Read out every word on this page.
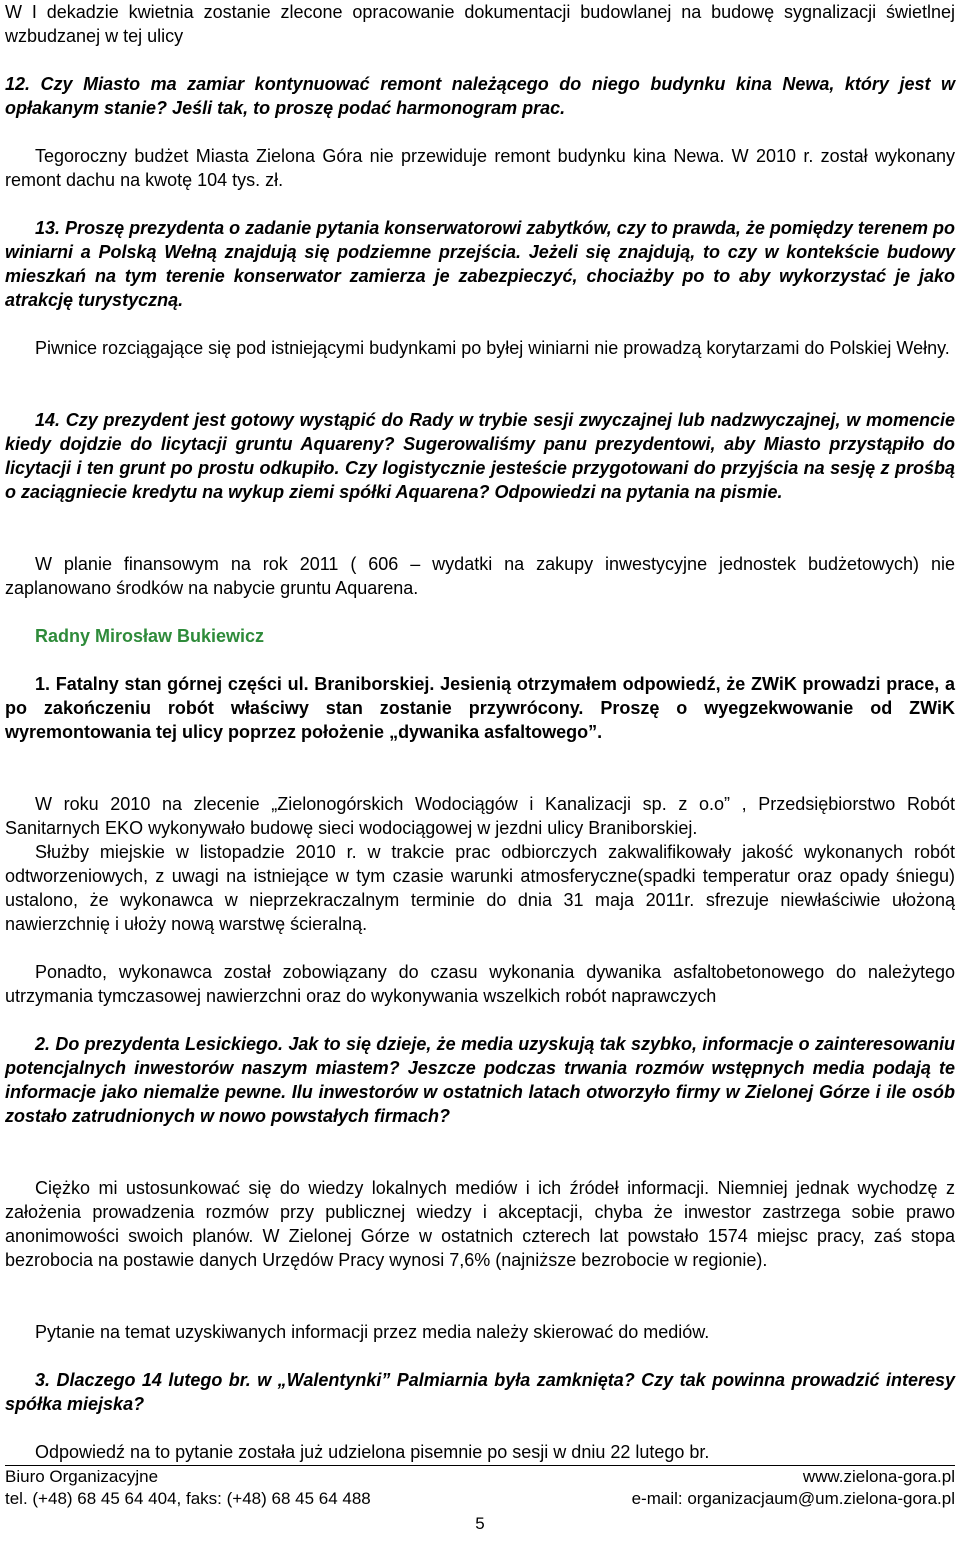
W I dekadzie kwietnia zostanie zlecone opracowanie dokumentacji budowlanej na budowę sygnalizacji świetlnej wzbudzanej w tej ulicy

12. Czy Miasto ma zamiar kontynuować remont należącego do niego budynku kina Newa, który jest w opłakanym stanie? Jeśli tak, to proszę podać harmonogram prac.

Tegoroczny budżet Miasta Zielona Góra nie przewiduje remont budynku kina Newa. W 2010 r. został wykonany remont dachu na kwotę 104 tys. zł.

13. Proszę prezydenta o zadanie pytania konserwatorowi zabytków, czy to prawda, że pomiędzy terenem po winiarni a Polską Wełną znajdują się podziemne przejścia. Jeżeli się znajdują, to czy w kontekście budowy mieszkań na tym terenie konserwator zamierza je zabezpieczyć, chociażby po to aby wykorzystać je jako atrakcję turystyczną.

Piwnice rozciągające się pod istniejącymi budynkami po byłej winiarni nie prowadzą korytarzami do Polskiej Wełny.

14. Czy prezydent jest gotowy wystąpić do Rady w trybie sesji zwyczajnej lub nadzwyczajnej, w momencie kiedy dojdzie do licytacji gruntu Aquareny? Sugerowaliśmy panu prezydentowi, aby Miasto przystąpiło do licytacji i ten grunt po prostu odkupiło. Czy logistycznie jesteście przygotowani do przyjścia na sesję z prośbą o zaciągniecie kredytu na wykup ziemi spółki Aquarena? Odpowiedzi na pytania na pismie.

W planie finansowym na rok 2011 ( 606 – wydatki na zakupy inwestycyjne jednostek budżetowych) nie zaplanowano środków na nabycie gruntu Aquarena.

Radny Mirosław Bukiewicz

1. Fatalny stan górnej części ul. Braniborskiej. Jesienią otrzymałem odpowiedź, że ZWiK prowadzi prace, a po zakończeniu robót właściwy stan zostanie przywrócony. Proszę o wyegzekwowanie od ZWiK wyremontowania tej ulicy poprzez położenie „dywanika asfaltowego”.

W roku 2010 na zlecenie „Zielonogórskich Wodociągów i Kanalizacji sp. z o.o” , Przedsiębiorstwo Robót Sanitarnych EKO wykonywało budowę sieci wodociągowej w jezdni ulicy Braniborskiej.

Służby miejskie w listopadzie 2010 r. w trakcie prac odbiorczych zakwalifikowały jakość wykonanych robót odtworzeniowych, z uwagi na istniejące w tym czasie warunki atmosferyczne(spadki temperatur oraz opady śniegu) ustalono, że wykonawca w nieprzekraczalnym terminie do dnia 31 maja 2011r. sfrezuje niewłaściwie ułożoną nawierzchnię i ułoży nową warstwę ścieralną.

Ponadto, wykonawca został zobowiązany do czasu wykonania dywanika asfaltobetonowego do należytego utrzymania tymczasowej nawierzchni oraz do wykonywania wszelkich robót naprawczych

2. Do prezydenta Lesickiego. Jak to się dzieje, że media uzyskują tak szybko, informacje o zainteresowaniu potencjalnych inwestorów naszym miastem? Jeszcze podczas trwania rozmów wstępnych media podają te informacje jako niemalże pewne. Ilu inwestorów w ostatnich latach otworzyło firmy w Zielonej Górze i ile osób zostało zatrudnionych w nowo powstałych firmach?

Ciężko mi ustosunkować się do wiedzy lokalnych mediów i ich źródeł informacji. Niemniej jednak wychodzę z założenia prowadzenia rozmów przy publicznej wiedzy i akceptacji, chyba że inwestor zastrzega sobie prawo anonimowości swoich planów. W Zielonej Górze w ostatnich czterech lat powstało 1574 miejsc pracy, zaś stopa bezrobocia na postawie danych Urzędów Pracy wynosi 7,6% (najniższe bezrobocie w regionie).

Pytanie na temat uzyskiwanych informacji przez media należy skierować do mediów.

3. Dlaczego 14 lutego br. w „Walentynki” Palmiarnia była zamknięta? Czy tak powinna prowadzić interesy spółka miejska?

Odpowiedź na to pytanie została już udzielona pisemnie po sesji w dniu 22 lutego br.

Biuro Organizacyjne	www.zielona-gora.pl
tel. (+48) 68 45 64 404, faks: (+48) 68 45 64 488	e-mail: organizacjaum@um.zielona-gora.pl
5
